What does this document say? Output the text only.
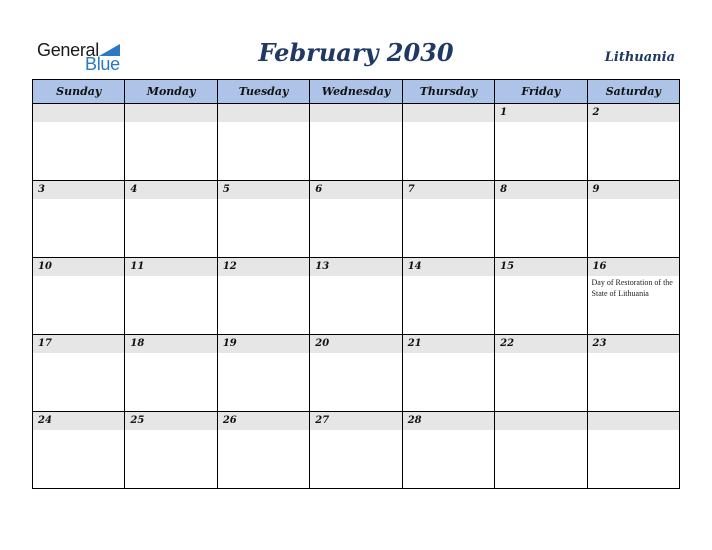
General
Blue	February 2030	Lithuania
Sunday	Monday	Tuesday	Wednesday	Thursday	Friday	Saturday

					1	2

3	4	5	6	7	8	9

10	11	12	13	14	15	16
Day of Restoration of the State of Lithuania

17	18	19	20	21	22	23

24	25	26	27	28		
